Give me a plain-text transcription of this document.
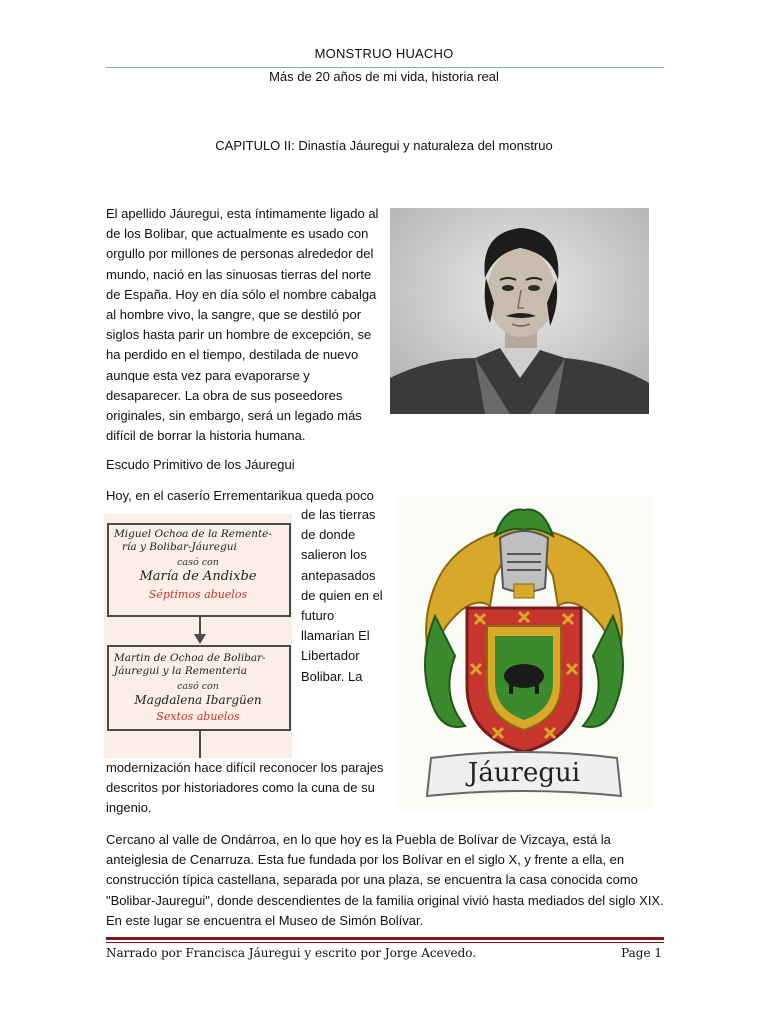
MONSTRUO HUACHO
Más de 20 años de mi vida, historia real
CAPITULO II: Dinastía Jáuregui y naturaleza del monstruo

El apellido Jáuregui, esta íntimamente ligado al de los Bolibar, que actualmente es usado con orgullo por millones de personas alrededor del mundo, nació en las sinuosas tierras del norte de España. Hoy en día sólo el nombre cabalga al hombre vivo, la sangre, que se destiló por siglos hasta parir un hombre de excepción, se ha perdido en el tiempo, destilada de nuevo aunque esta vez para evaporarse y desaparecer. La obra de sus poseedores originales, sin embargo, será un legado más difícil de borrar la historia humana.

Escudo Primitivo de los Jáuregui
Hoy, en el caserío Errementarikua queda poco
Miguel Ochoa de la Remente-
ría y Bolibar-Jáuregui
casó con
María de Andixbe
Séptimos abuelos
Martin de Ochoa de Bolibar-
Jáuregui y la Rementeria
casó con
Magdalena Ibargüen
Sextos abuelos
de las tierras
de donde
salieron los
antepasados
de quien en el
futuro
llamarían El
Libertador
Bolibar. La
Jáuregui

modernización hace difícil reconocer los parajes descritos por historiadores como la cuna de su ingenio.

Cercano al valle de Ondárroa, en lo que hoy es la Puebla de Bolívar de Vizcaya, está la anteiglesia de Cenarruza. Esta fue fundada por los Bolívar en el siglo X, y frente a ella, en construcción típica castellana, separada por una plaza, se encuentra la casa conocida como "Bolibar-Jauregui", donde descendientes de la familia original vivió hasta mediados del siglo XIX. En este lugar se encuentra el Museo de Simón Bolívar.

Narrado por Francisca Jáuregui y escrito por Jorge Acevedo.	Page 1
